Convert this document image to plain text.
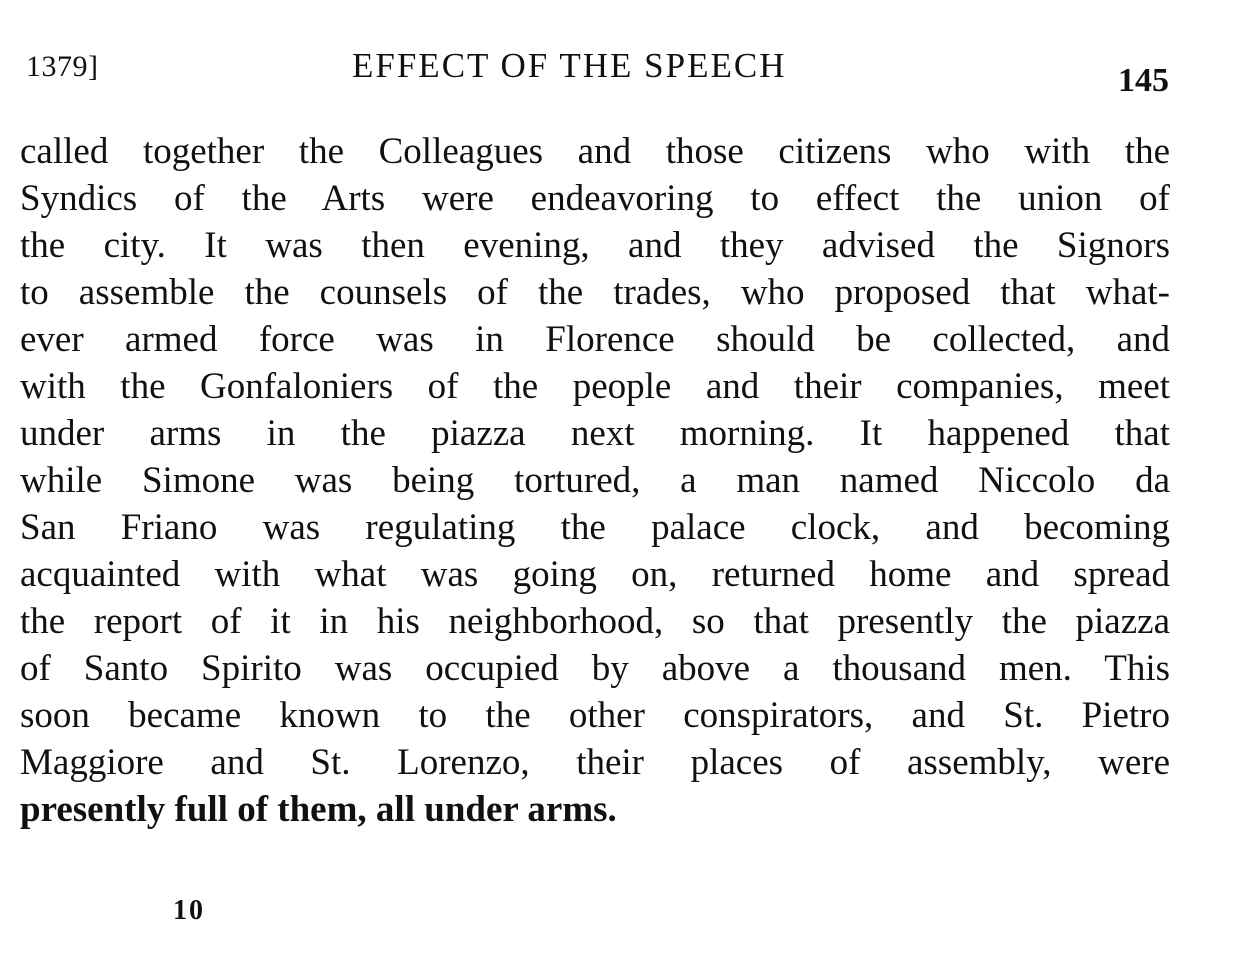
1379]	EFFECT OF THE SPEECH	145
called together the Colleagues and those citizens who with the
Syndics of the Arts were endeavoring to effect the union of
the city. It was then evening, and they advised the Signors
to assemble the counsels of the trades, who proposed that what-
ever armed force was in Florence should be collected, and
with the Gonfaloniers of the people and their companies, meet
under arms in the piazza next morning. It happened that
while Simone was being tortured, a man named Niccolo da
San Friano was regulating the palace clock, and becoming
acquainted with what was going on, returned home and spread
the report of it in his neighborhood, so that presently the piazza
of Santo Spirito was occupied by above a thousand men. This
soon became known to the other conspirators, and St. Pietro
Maggiore and St. Lorenzo, their places of assembly, were
presently full of them, all under arms.
10
